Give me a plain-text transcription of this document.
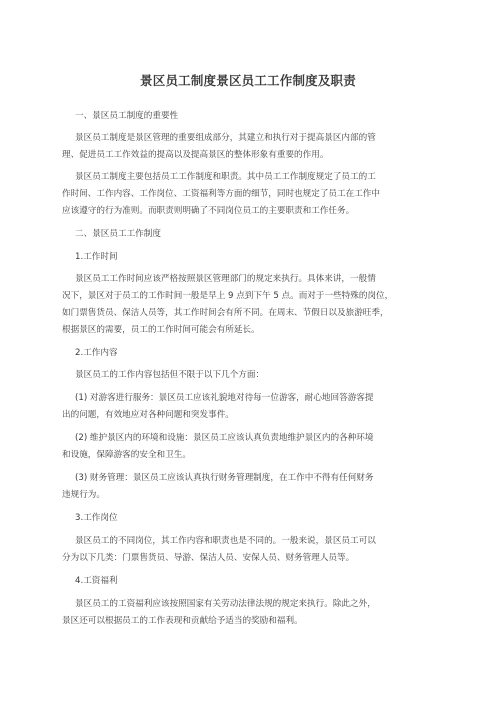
景区员工制度景区员工工作制度及职责
一、景区员工制度的重要性
景区员工制度是景区管理的重要组成部分，其建立和执行对于提高景区内部的管
理、促进员工工作效益的提高以及提高景区的整体形象有重要的作用。
景区员工制度主要包括员工工作制度和职责。其中员工工作制度规定了员工的工
作时间、工作内容、工作岗位、工资福利等方面的细节，同时也规定了员工在工作中
应该遵守的行为准则。而职责则明确了不同岗位员工的主要职责和工作任务。
二、景区员工工作制度
1.工作时间
景区员工工作时间应该严格按照景区管理部门的规定来执行。具体来讲，一般情
况下，景区对于员工的工作时间一般是早上 9 点到下午 5 点。而对于一些特殊的岗位，
如门票售货员、保洁人员等，其工作时间会有所不同。在周末、节假日以及旅游旺季，
根据景区的需要，员工的工作时间可能会有所延长。
2.工作内容
景区员工的工作内容包括但不限于以下几个方面：
(1) 对游客进行服务：景区员工应该礼貌地对待每一位游客，耐心地回答游客提
出的问题，有效地应对各种问题和突发事件。
(2) 维护景区内的环境和设施：景区员工应该认真负责地维护景区内的各种环境
和设施，保障游客的安全和卫生。
(3) 财务管理：景区员工应该认真执行财务管理制度，在工作中不得有任何财务
违规行为。
3.工作岗位
景区员工的不同岗位，其工作内容和职责也是不同的。一般来说，景区员工可以
分为以下几类：门票售货员、导游、保洁人员、安保人员、财务管理人员等。
4.工资福利
景区员工的工资福利应该按照国家有关劳动法律法规的规定来执行。除此之外，
景区还可以根据员工的工作表现和贡献给予适当的奖励和福利。
